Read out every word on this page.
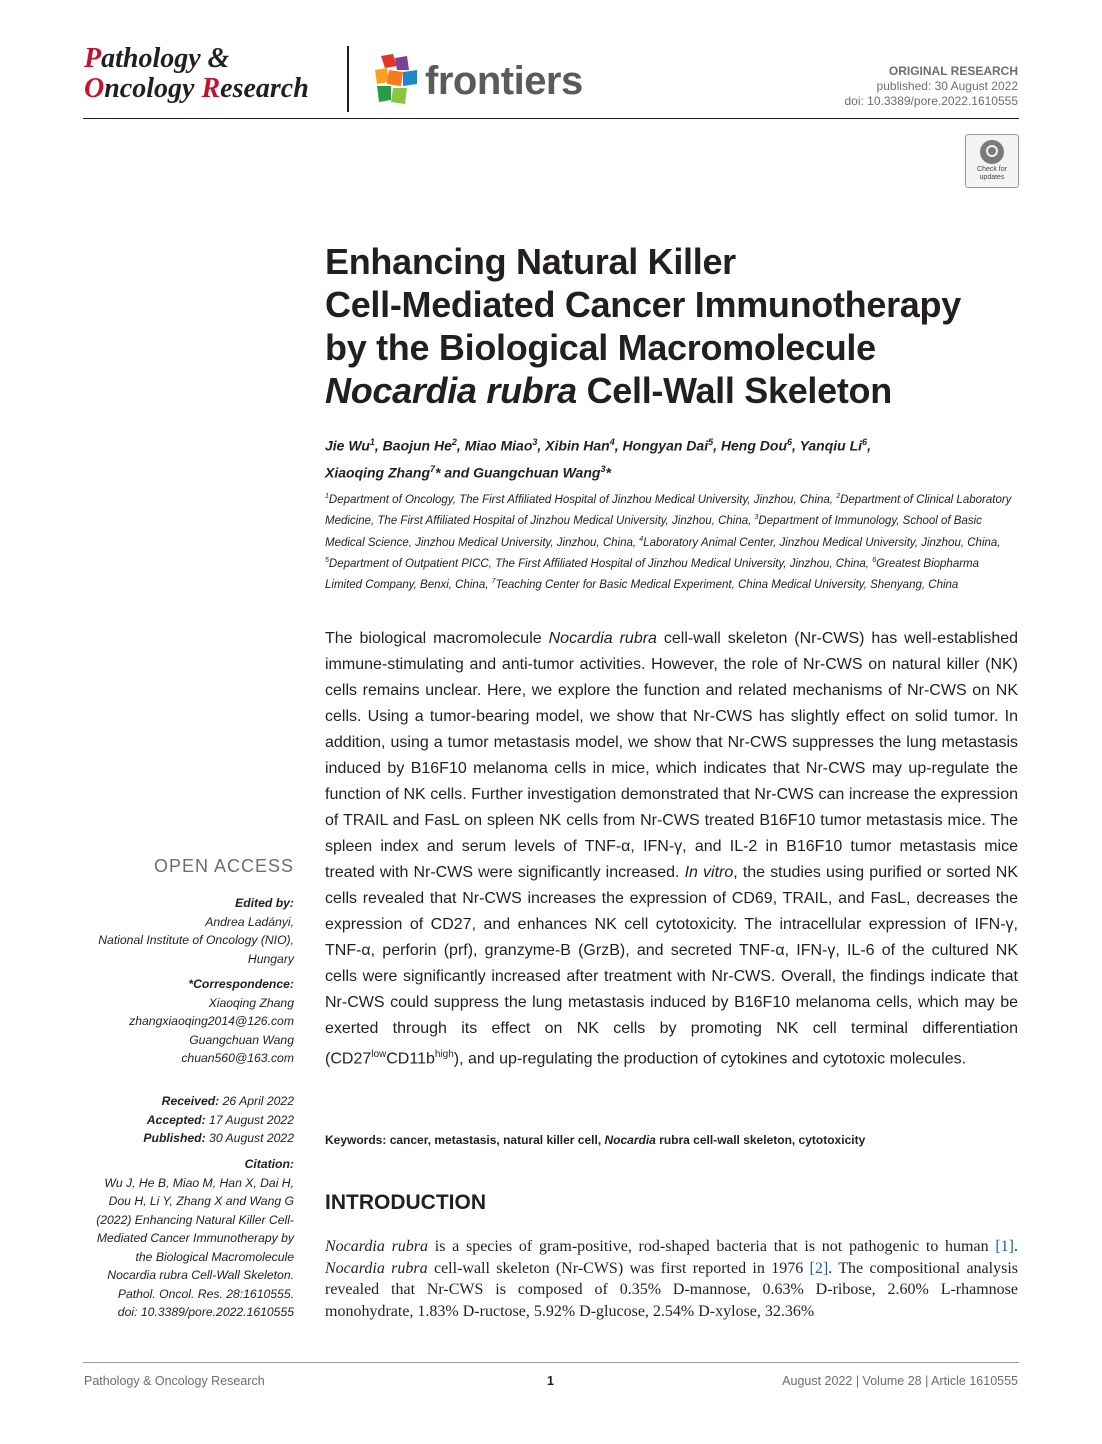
Pathology &
Oncology Research	frontiers	ORIGINAL RESEARCH
published: 30 August 2022
doi: 10.3389/pore.2022.1610555
Check for updates
Enhancing Natural Killer
Cell-Mediated Cancer Immunotherapy
by the Biological Macromolecule
Nocardia rubra Cell-Wall Skeleton
Jie Wu$^1$, Baojun He$^2$, Miao Miao$^3$, Xibin Han$^4$, Hongyan Dai$^5$, Heng Dou$^6$, Yanqiu Li$^6$,
Xiaoqing Zhang$^7$* and Guangchuan Wang$^3$*
$^1$Department of Oncology, The First Affiliated Hospital of Jinzhou Medical University, Jinzhou, China, $^2$Department of Clinical Laboratory Medicine, The First Affiliated Hospital of Jinzhou Medical University, Jinzhou, China, $^3$Department of Immunology, School of Basic Medical Science, Jinzhou Medical University, Jinzhou, China, $^4$Laboratory Animal Center, Jinzhou Medical University, Jinzhou, China, $^5$Department of Outpatient PICC, The First Affiliated Hospital of Jinzhou Medical University, Jinzhou, China, $^6$Greatest Biopharma Limited Company, Benxi, China, $^7$Teaching Center for Basic Medical Experiment, China Medical University, Shenyang, China
The biological macromolecule Nocardia rubra cell-wall skeleton (Nr-CWS) has well-established immune-stimulating and anti-tumor activities. However, the role of Nr-CWS on natural killer (NK) cells remains unclear. Here, we explore the function and related mechanisms of Nr-CWS on NK cells. Using a tumor-bearing model, we show that Nr-CWS has slightly effect on solid tumor. In addition, using a tumor metastasis model, we show that Nr-CWS suppresses the lung metastasis induced by B16F10 melanoma cells in mice, which indicates that Nr-CWS may up-regulate the function of NK cells. Further investigation demonstrated that Nr-CWS can increase the expression of TRAIL and FasL on spleen NK cells from Nr-CWS treated B16F10 tumor metastasis mice. The spleen index and serum levels of TNF-α, IFN-γ, and IL-2 in B16F10 tumor metastasis mice treated with Nr-CWS were significantly increased. In vitro, the studies using purified or sorted NK cells revealed that Nr-CWS increases the expression of CD69, TRAIL, and FasL, decreases the expression of CD27, and enhances NK cell cytotoxicity. The intracellular expression of IFN-γ, TNF-α, perforin (prf), granzyme-B (GrzB), and secreted TNF-α, IFN-γ, IL-6 of the cultured NK cells were significantly increased after treatment with Nr-CWS. Overall, the findings indicate that Nr-CWS could suppress the lung metastasis induced by B16F10 melanoma cells, which may be exerted through its effect on NK cells by promoting NK cell terminal differentiation $(CD27^{low}CD11b^{high})$, and up-regulating the production of cytokines and cytotoxic molecules.
Keywords: cancer, metastasis, natural killer cell, Nocardia rubra cell-wall skeleton, cytotoxicity
INTRODUCTION
Nocardia rubra is a species of gram-positive, rod-shaped bacteria that is not pathogenic to human [1]. Nocardia rubra cell-wall skeleton (Nr-CWS) was first reported in 1976 [2]. The compositional analysis revealed that Nr-CWS is composed of 0.35% D-mannose, 0.63% D-ribose, 2.60% L-rhamnose monohydrate, 1.83% D-ructose, 5.92% D-glucose, 2.54% D-xylose, 32.36%
OPEN ACCESS
Edited by:
Andrea Ladányi,
National Institute of Oncology (NIO),
Hungary
*Correspondence:
Xiaoqing Zhang
zhangxiaoqing2014@126.com
Guangchuan Wang
chuan560@163.com
Received: 26 April 2022
Accepted: 17 August 2022
Published: 30 August 2022
Citation:
Wu J, He B, Miao M, Han X, Dai H,
Dou H, Li Y, Zhang X and Wang G
(2022) Enhancing Natural Killer Cell-
Mediated Cancer Immunotherapy by
the Biological Macromolecule
Nocardia rubra Cell-Wall Skeleton.
Pathol. Oncol. Res. 28:1610555.
doi: 10.3389/pore.2022.1610555
Pathology & Oncology Research	1	August 2022 | Volume 28 | Article 1610555
